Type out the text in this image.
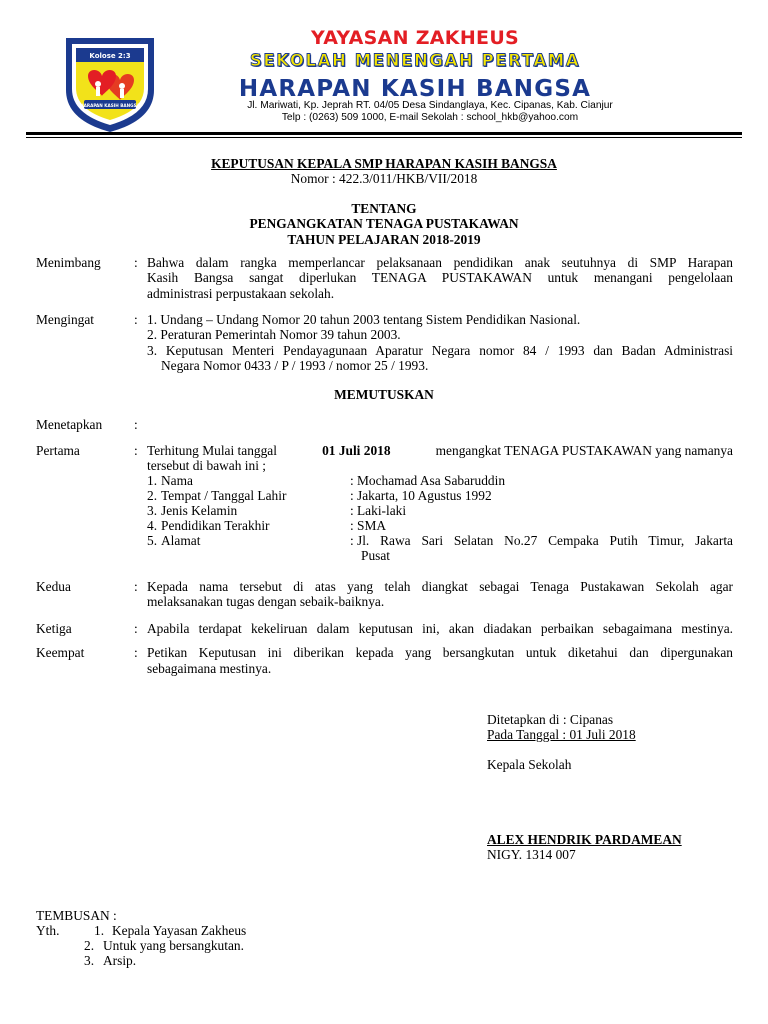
Kolose 2:3
HARAPAN KASIH BANGSA
YAYASAN ZAKHEUS
SEKOLAH MENENGAH PERTAMA
HARAPAN KASIH BANGSA
Jl. Mariwati, Kp. Jeprah RT. 04/05 Desa Sindanglaya, Kec. Cipanas, Kab. Cianjur
Telp : (0263) 509 1000, E-mail Sekolah : school_hkb@yahoo.com
KEPUTUSAN KEPALA SMP HARAPAN KASIH BANGSA
Nomor : 422.3/011/HKB/VII/2018
TENTANG
PENGANGKATAN TENAGA PUSTAKAWAN
TAHUN PELAJARAN 2018-2019
Menimbang : Bahwa dalam rangka memperlancar pelaksanaan pendidikan anak seutuhnya di SMP Harapan
Kasih Bangsa sangat diperlukan TENAGA PUSTAKAWAN untuk menangani pengelolaan
administrasi perpustakaan sekolah.
Mengingat	: 1. Undang – Undang Nomor 20 tahun 2003 tentang Sistem Pendidikan Nasional.
2. Peraturan Pemerintah Nomor 39 tahun 2003.
3. Keputusan Menteri Pendayagunaan Aparatur Negara nomor 84 / 1993 dan Badan Administrasi
Negara Nomor 0433 / P / 1993 / nomor 25 / 1993.
MEMUTUSKAN
Menetapkan :
Pertama	: Terhitung Mulai tanggal	01 Juli 2018	mengangkat TENAGA PUSTAKAWAN yang namanya
tersebut di bawah ini ;
1. Nama	: Mochamad Asa Sabaruddin
2. Tempat / Tanggal Lahir	: Jakarta, 10 Agustus 1992
3. Jenis Kelamin	: Laki-laki
4. Pendidikan Terakhir	: SMA
5. Alamat	: Jl. Rawa Sari Selatan No.27 Cempaka Putih Timur, Jakarta
Pusat
Kedua	: Kepada nama tersebut di atas yang telah diangkat sebagai Tenaga Pustakawan Sekolah agar
melaksanakan tugas dengan sebaik-baiknya.
Ketiga	: Apabila terdapat kekeliruan dalam keputusan ini, akan diadakan perbaikan sebagaimana mestinya.
Keempat	: Petikan Keputusan ini diberikan kepada yang bersangkutan untuk diketahui dan dipergunakan
sebagaimana mestinya.
Ditetapkan di : Cipanas
Pada Tanggal : 01 Juli 2018
Kepala Sekolah
ALEX HENDRIK PARDAMEAN
NIGY. 1314 007
TEMBUSAN :
Yth.	1. Kepala Yayasan Zakheus
2. Untuk yang bersangkutan.
3. Arsip.
